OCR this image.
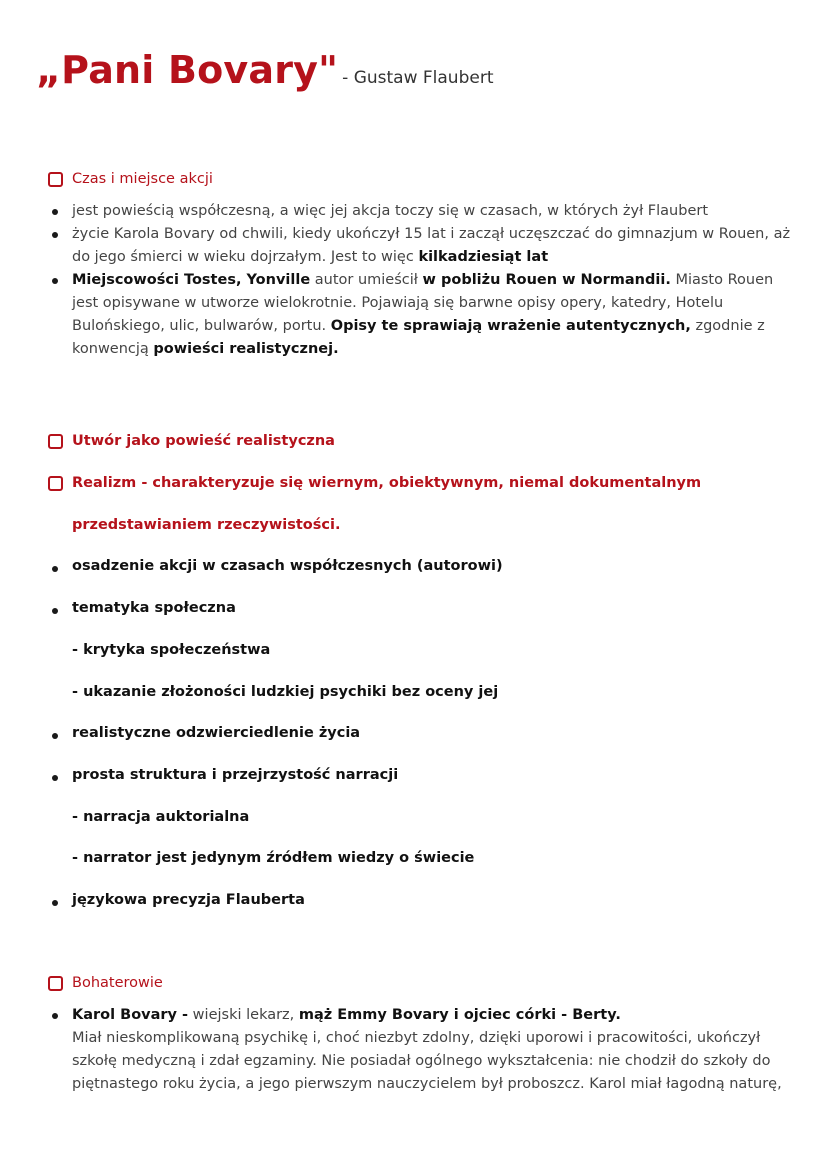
„Pani Bovary" - Gustaw Flaubert
Czas i miejsce akcji
jest powieścią współczesną, a więc jej akcja toczy się w czasach, w których żył Flaubert
życie Karola Bovary od chwili, kiedy ukończył 15 lat i zaczął uczęszczać do gimnazjum w Rouen, aż do jego śmierci w wieku dojrzałym. Jest to więc kilkadziesiąt lat
Miejscowości Tostes, Yonville autor umieścił w pobliżu Rouen w Normandii. Miasto Rouen jest opisywane w utworze wielokrotnie. Pojawiają się barwne opisy opery, katedry, Hotelu Bulońskiego, ulic, bulwarów, portu. Opisy te sprawiają wrażenie autentycznych, zgodnie z konwencją powieści realistycznej.
Utwór jako powieść realistyczna
Realizm - charakteryzuje się wiernym, obiektywnym, niemal dokumentalnym
przedstawianiem rzeczywistości.
osadzenie akcji w czasach współczesnych (autorowi)
tematyka społeczna
- krytyka społeczeństwa
- ukazanie złożoności ludzkiej psychiki bez oceny jej
realistyczne odzwierciedlenie życia
prosta struktura i przejrzystość narracji
- narracja auktorialna
- narrator jest jedynym źródłem wiedzy o świecie
językowa precyzja Flauberta
Bohaterowie
Karol Bovary - wiejski lekarz, mąż Emmy Bovary i ojciec córki - Berty.
Miał nieskomplikowaną psychikę i, choć niezbyt zdolny, dzięki uporowi i pracowitości, ukończył szkołę medyczną i zdał egzaminy. Nie posiadał ogólnego wykształcenia: nie chodził do szkoły do piętnastego roku życia, a jego pierwszym nauczycielem był proboszcz. Karol miał łagodną naturę,
